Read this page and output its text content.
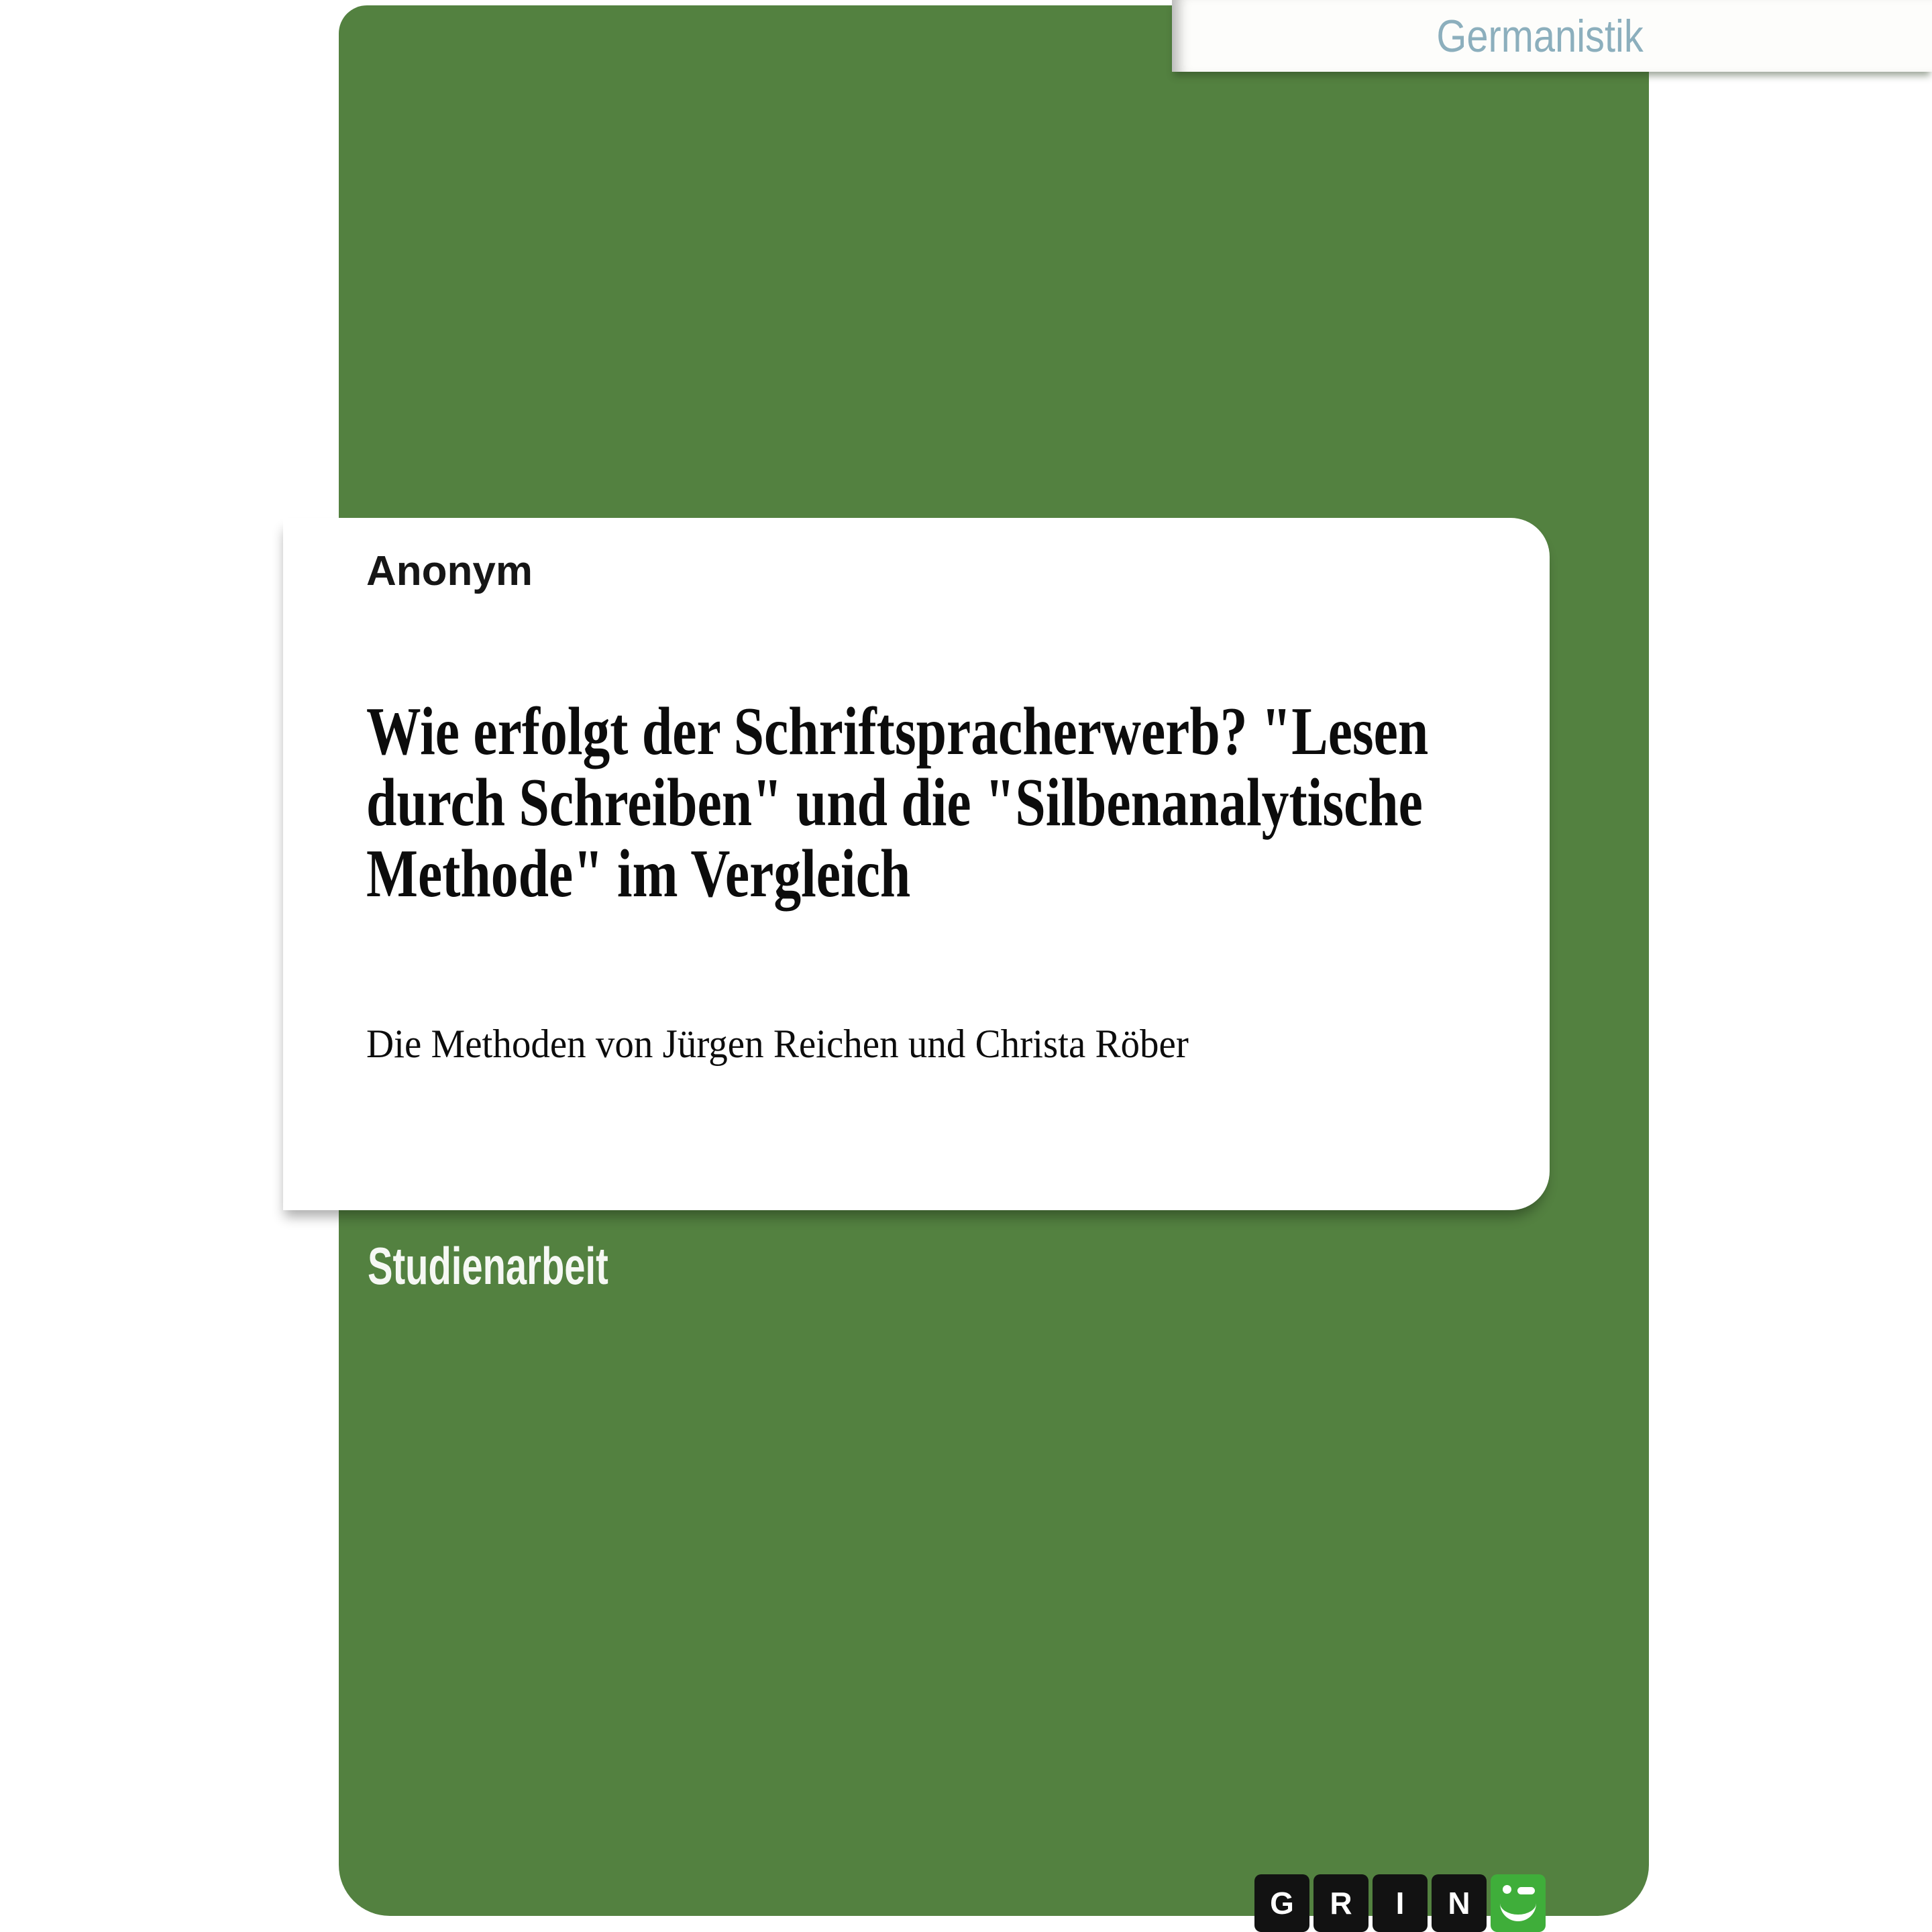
Germanistik
Anonym
Wie erfolgt der Schriftspracherwerb? "Lesen
durch Schreiben" und die "Silbenanalytische
Methode" im Vergleich
Die Methoden von Jürgen Reichen und Christa Röber
Studienarbeit
G	R	I	N
